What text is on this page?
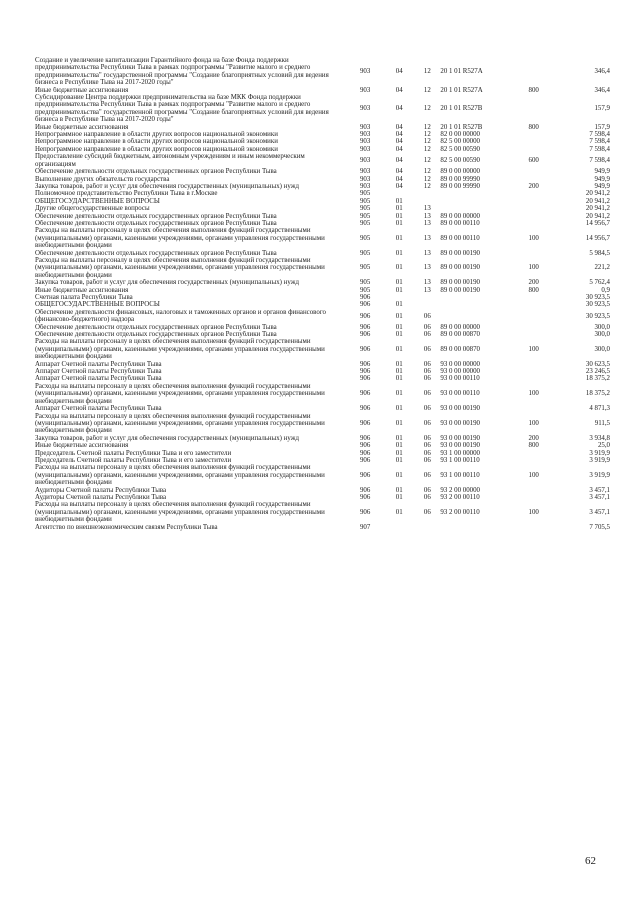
Создание и увеличение капитализации Гарантийного фонда на базе Фонда поддержки предпринимательства Республики Тыва в рамках подпрограммы "Развитие малого и среднего предпринимательства" государственной программы "Создание благоприятных условий для ведения бизнеса в Республике Тыва на 2017-2020 годы"	903	04	12	20 1 01 R527A		346,4
Иные бюджетные ассигнования	903	04	12	20 1 01 R527A	800	346,4
Субсидирование Центра поддержки предпринимательства на базе МКК Фонда поддержки предпринимательства Республики Тыва в рамках подпрограммы "Развитие малого и среднего предпринимательства" государственной программы "Создание благоприятных условий для ведения бизнеса в Республике Тыва на 2017-2020 годы"	903	04	12	20 1 01 R527B		157,9
Иные бюджетные ассигнования	903	04	12	20 1 01 R527B	800	157,9
Непрограммное направление в области других вопросов национальной экономики	903	04	12	82 0 00 00000		7 598,4
Непрограммное направление в области других вопросов национальной экономики	903	04	12	82 5 00 00000		7 598,4
Непрограммное направление в области других вопросов национальной экономики	903	04	12	82 5 00 00590		7 598,4
Предоставление субсидий бюджетным, автономным учреждениям и иным некоммерческим организациям	903	04	12	82 5 00 00590	600	7 598,4
Обеспечение деятельности отдельных государственных органов Республики Тыва	903	04	12	89 0 00 00000		949,9
Выполнение других обязательств государства	903	04	12	89 0 00 99990		949,9
Закупка товаров, работ и услуг для обеспечения государственных (муниципальных) нужд	903	04	12	89 0 00 99990	200	949,9
Полномочное представительство Республики Тыва в г.Москве	905					20 941,2
ОБЩЕГОСУДАРСТВЕННЫЕ ВОПРОСЫ	905	01				20 941,2
Другие общегосударственные вопросы	905	01	13			20 941,2
Обеспечение деятельности отдельных государственных органов Республики Тыва	905	01	13	89 0 00 00000		20 941,2
Обеспечение деятельности отдельных государственных органов Республики Тыва	905	01	13	89 0 00 00110		14 956,7
Расходы на выплаты персоналу в целях обеспечения выполнения функций государственными (муниципальными) органами, казенными учреждениями, органами управления государственными внебюджетными фондами	905	01	13	89 0 00 00110	100	14 956,7
Обеспечение деятельности отдельных государственных органов Республики Тыва	905	01	13	89 0 00 00190		5 984,5
Расходы на выплаты персоналу в целях обеспечения выполнения функций государственными (муниципальными) органами, казенными учреждениями, органами управления государственными внебюджетными фондами	905	01	13	89 0 00 00190	100	221,2
Закупка товаров, работ и услуг для обеспечения государственных (муниципальных) нужд	905	01	13	89 0 00 00190	200	5 762,4
Иные бюджетные ассигнования	905	01	13	89 0 00 00190	800	0,9
Счетная палата Республики Тыва	906					30 923,5
ОБЩЕГОСУДАРСТВЕННЫЕ ВОПРОСЫ	906	01				30 923,5
Обеспечение деятельности финансовых, налоговых и таможенных органов и органов финансового (финансово-бюджетного) надзора	906	01	06			30 923,5
Обеспечение деятельности отдельных государственных органов Республики Тыва	906	01	06	89 0 00 00000		300,0
Обеспечение деятельности отдельных государственных органов Республики Тыва	906	01	06	89 0 00 00870		300,0
Расходы на выплаты персоналу в целях обеспечения выполнения функций государственными (муниципальными) органами, казенными учреждениями, органами управления государственными внебюджетными фондами	906	01	06	89 0 00 00870	100	300,0
Аппарат Счетной палаты Республики Тыва	906	01	06	93 0 00 00000		30 623,5
Аппарат Счетной палаты Республики Тыва	906	01	06	93 0 00 00000		23 246,5
Аппарат Счетной палаты Республики Тыва	906	01	06	93 0 00 00110		18 375,2
Расходы на выплаты персоналу в целях обеспечения выполнения функций государственными (муниципальными) органами, казенными учреждениями, органами управления государственными внебюджетными фондами	906	01	06	93 0 00 00110	100	18 375,2
Аппарат Счетной палаты Республики Тыва	906	01	06	93 0 00 00190		4 871,3
Расходы на выплаты персоналу в целях обеспечения выполнения функций государственными (муниципальными) органами, казенными учреждениями, органами управления государственными внебюджетными фондами	906	01	06	93 0 00 00190	100	911,5
Закупка товаров, работ и услуг для обеспечения государственных (муниципальных) нужд	906	01	06	93 0 00 00190	200	3 934,8
Иные бюджетные ассигнования	906	01	06	93 0 00 00190	800	25,0
Председатель Счетной палаты Республики Тыва и его заместители	906	01	06	93 1 00 00000		3 919,9
Председатель Счетной палаты Республики Тыва и его заместители	906	01	06	93 1 00 00110		3 919,9
Расходы на выплаты персоналу в целях обеспечения выполнения функций государственными (муниципальными) органами, казенными учреждениями, органами управления государственными внебюджетными фондами	906	01	06	93 1 00 00110	100	3 919,9
Аудиторы Счетной палаты Республики Тыва	906	01	06	93 2 00 00000		3 457,1
Аудиторы Счетной палаты Республики Тыва	906	01	06	93 2 00 00110		3 457,1
Расходы на выплаты персоналу в целях обеспечения выполнения функций государственными (муниципальными) органами, казенными учреждениями, органами управления государственными внебюджетными фондами	906	01	06	93 2 00 00110	100	3 457,1
Агентство по внешнеэкономическим связям Республики Тыва	907					7 705,5
62
